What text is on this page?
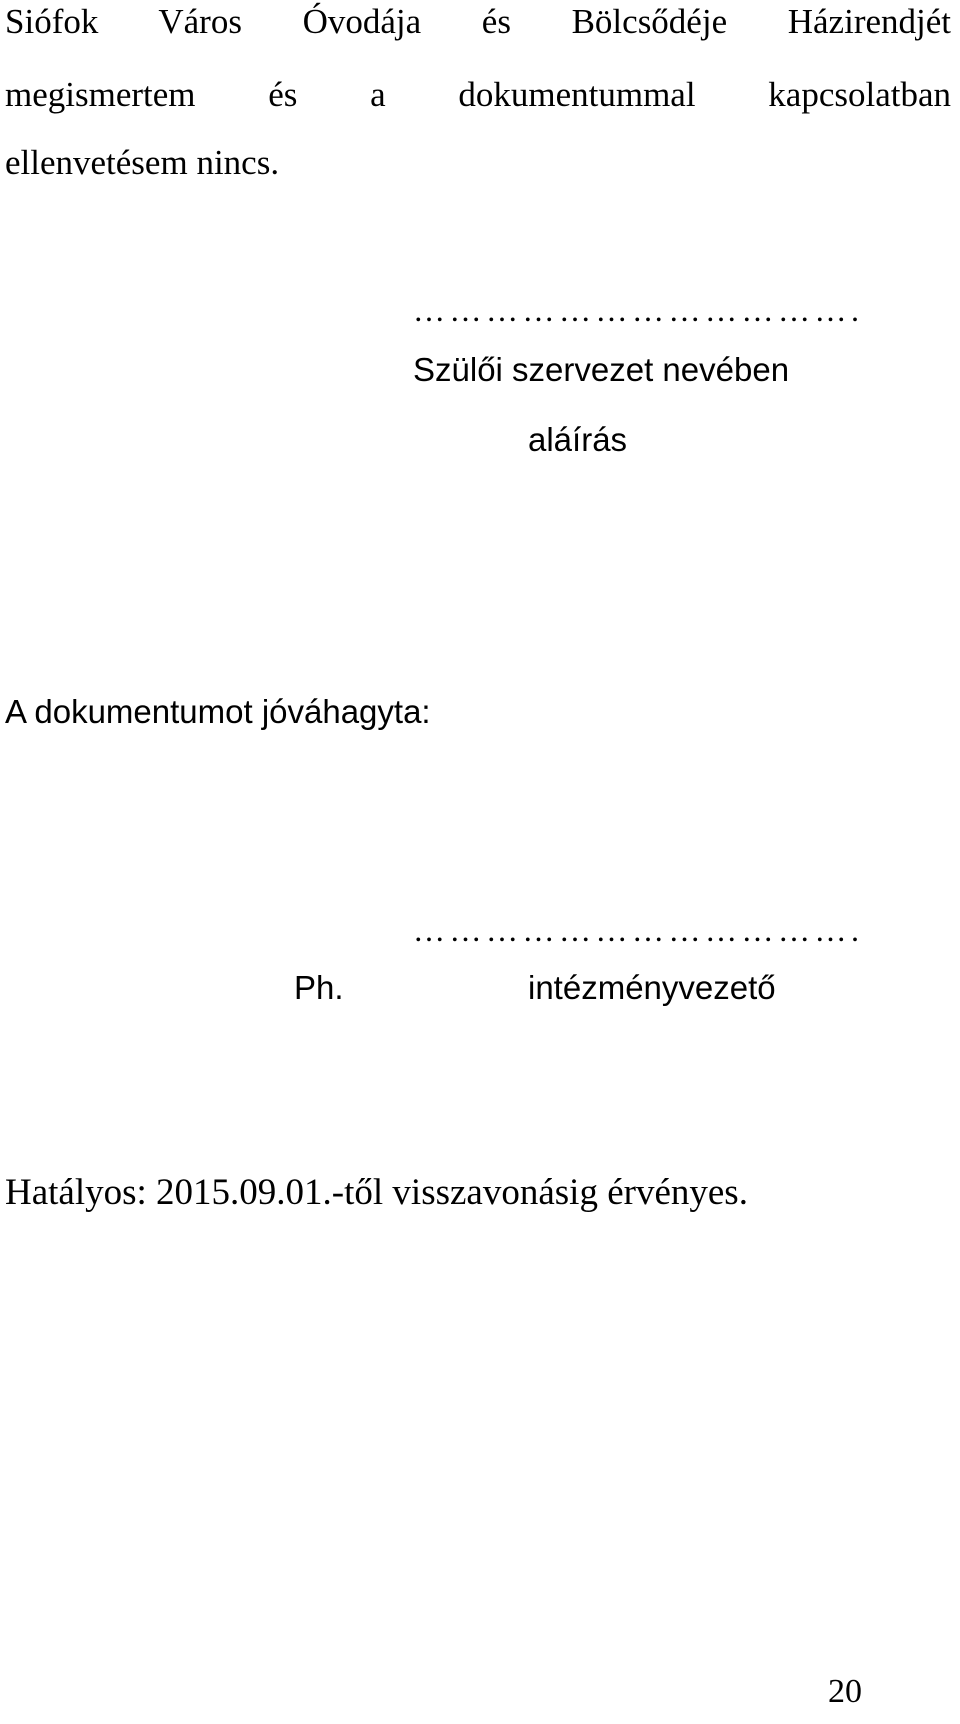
Siófok Város Óvodája és Bölcsődéje Házirendjét
megismertem és a dokumentummal kapcsolatban
ellenvetésem nincs.
……………………………….
Szülői szervezet nevében
aláírás
A dokumentumot jóváhagyta:
……………………………….
Ph.	intézményvezető
Hatályos: 2015.09.01.-től visszavonásig érvényes.
20
